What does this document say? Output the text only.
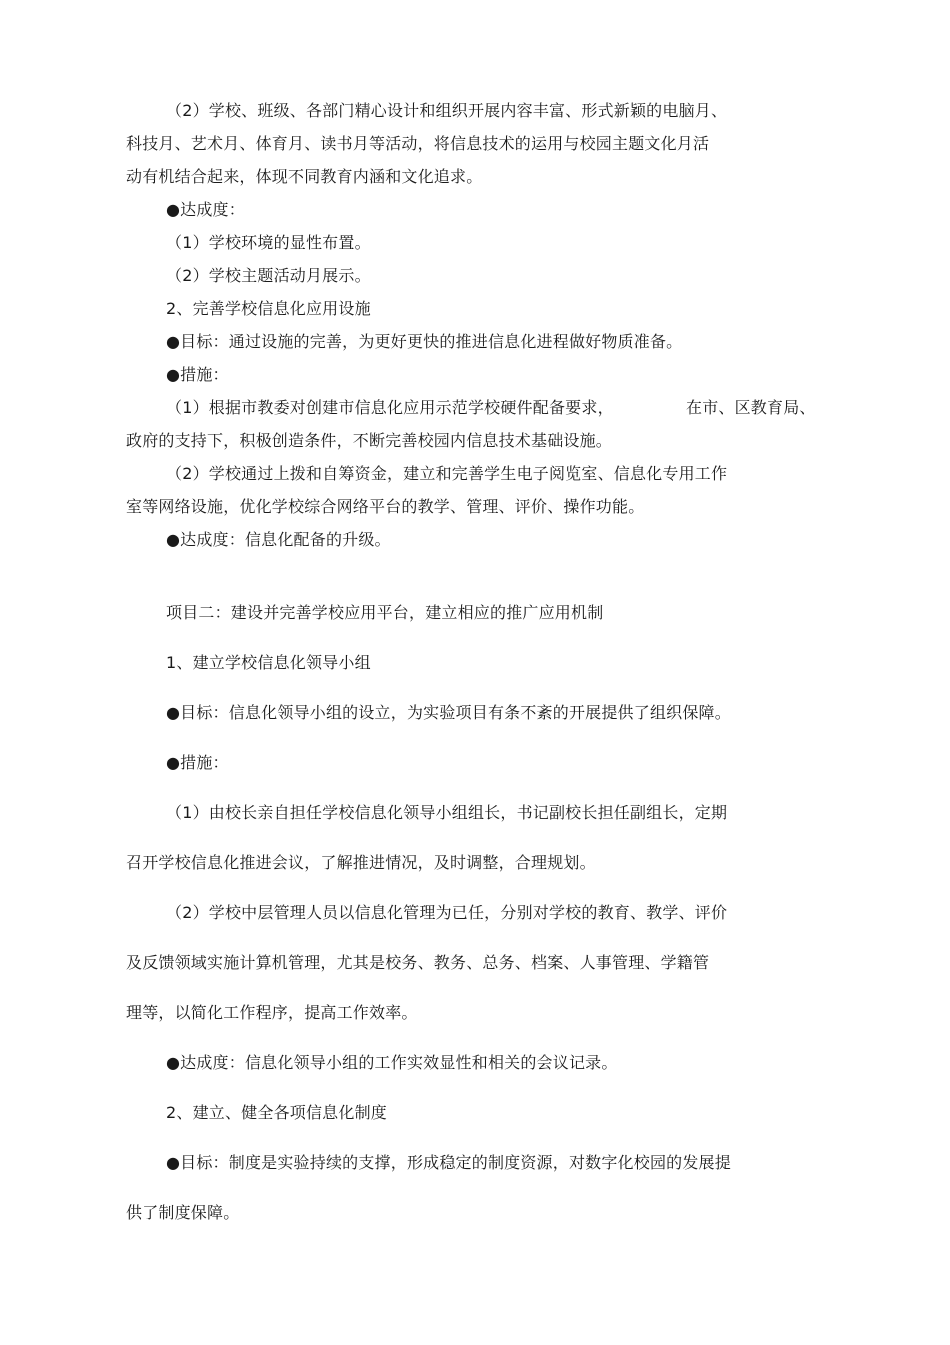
（2）学校、班级、各部门精心设计和组织开展内容丰富、形式新颖的电脑月、
科技月、艺术月、体育月、读书月等活动，将信息技术的运用与校园主题文化月活
动有机结合起来，体现不同教育内涵和文化追求。
●达成度：
（1）学校环境的显性布置。
（2）学校主题活动月展示。
2、完善学校信息化应用设施
●目标：通过设施的完善，为更好更快的推进信息化进程做好物质准备。
●措施：
（1）根据市教委对创建市信息化应用示范学校硬件配备要求，	在市、区教育局、
政府的支持下，积极创造条件，不断完善校园内信息技术基础设施。
（2）学校通过上拨和自筹资金，建立和完善学生电子阅览室、信息化专用工作
室等网络设施，优化学校综合网络平台的教学、管理、评价、操作功能。
●达成度：信息化配备的升级。
项目二：建设并完善学校应用平台，建立相应的推广应用机制
1、建立学校信息化领导小组
●目标：信息化领导小组的设立，为实验项目有条不紊的开展提供了组织保障。
●措施：
（1）由校长亲自担任学校信息化领导小组组长，书记副校长担任副组长，定期
召开学校信息化推进会议，了解推进情况，及时调整，合理规划。
（2）学校中层管理人员以信息化管理为已任，分别对学校的教育、教学、评价
及反馈领域实施计算机管理，尤其是校务、教务、总务、档案、人事管理、学籍管
理等，以简化工作程序，提高工作效率。
●达成度：信息化领导小组的工作实效显性和相关的会议记录。
2、建立、健全各项信息化制度
●目标：制度是实验持续的支撑，形成稳定的制度资源，对数字化校园的发展提
供了制度保障。
